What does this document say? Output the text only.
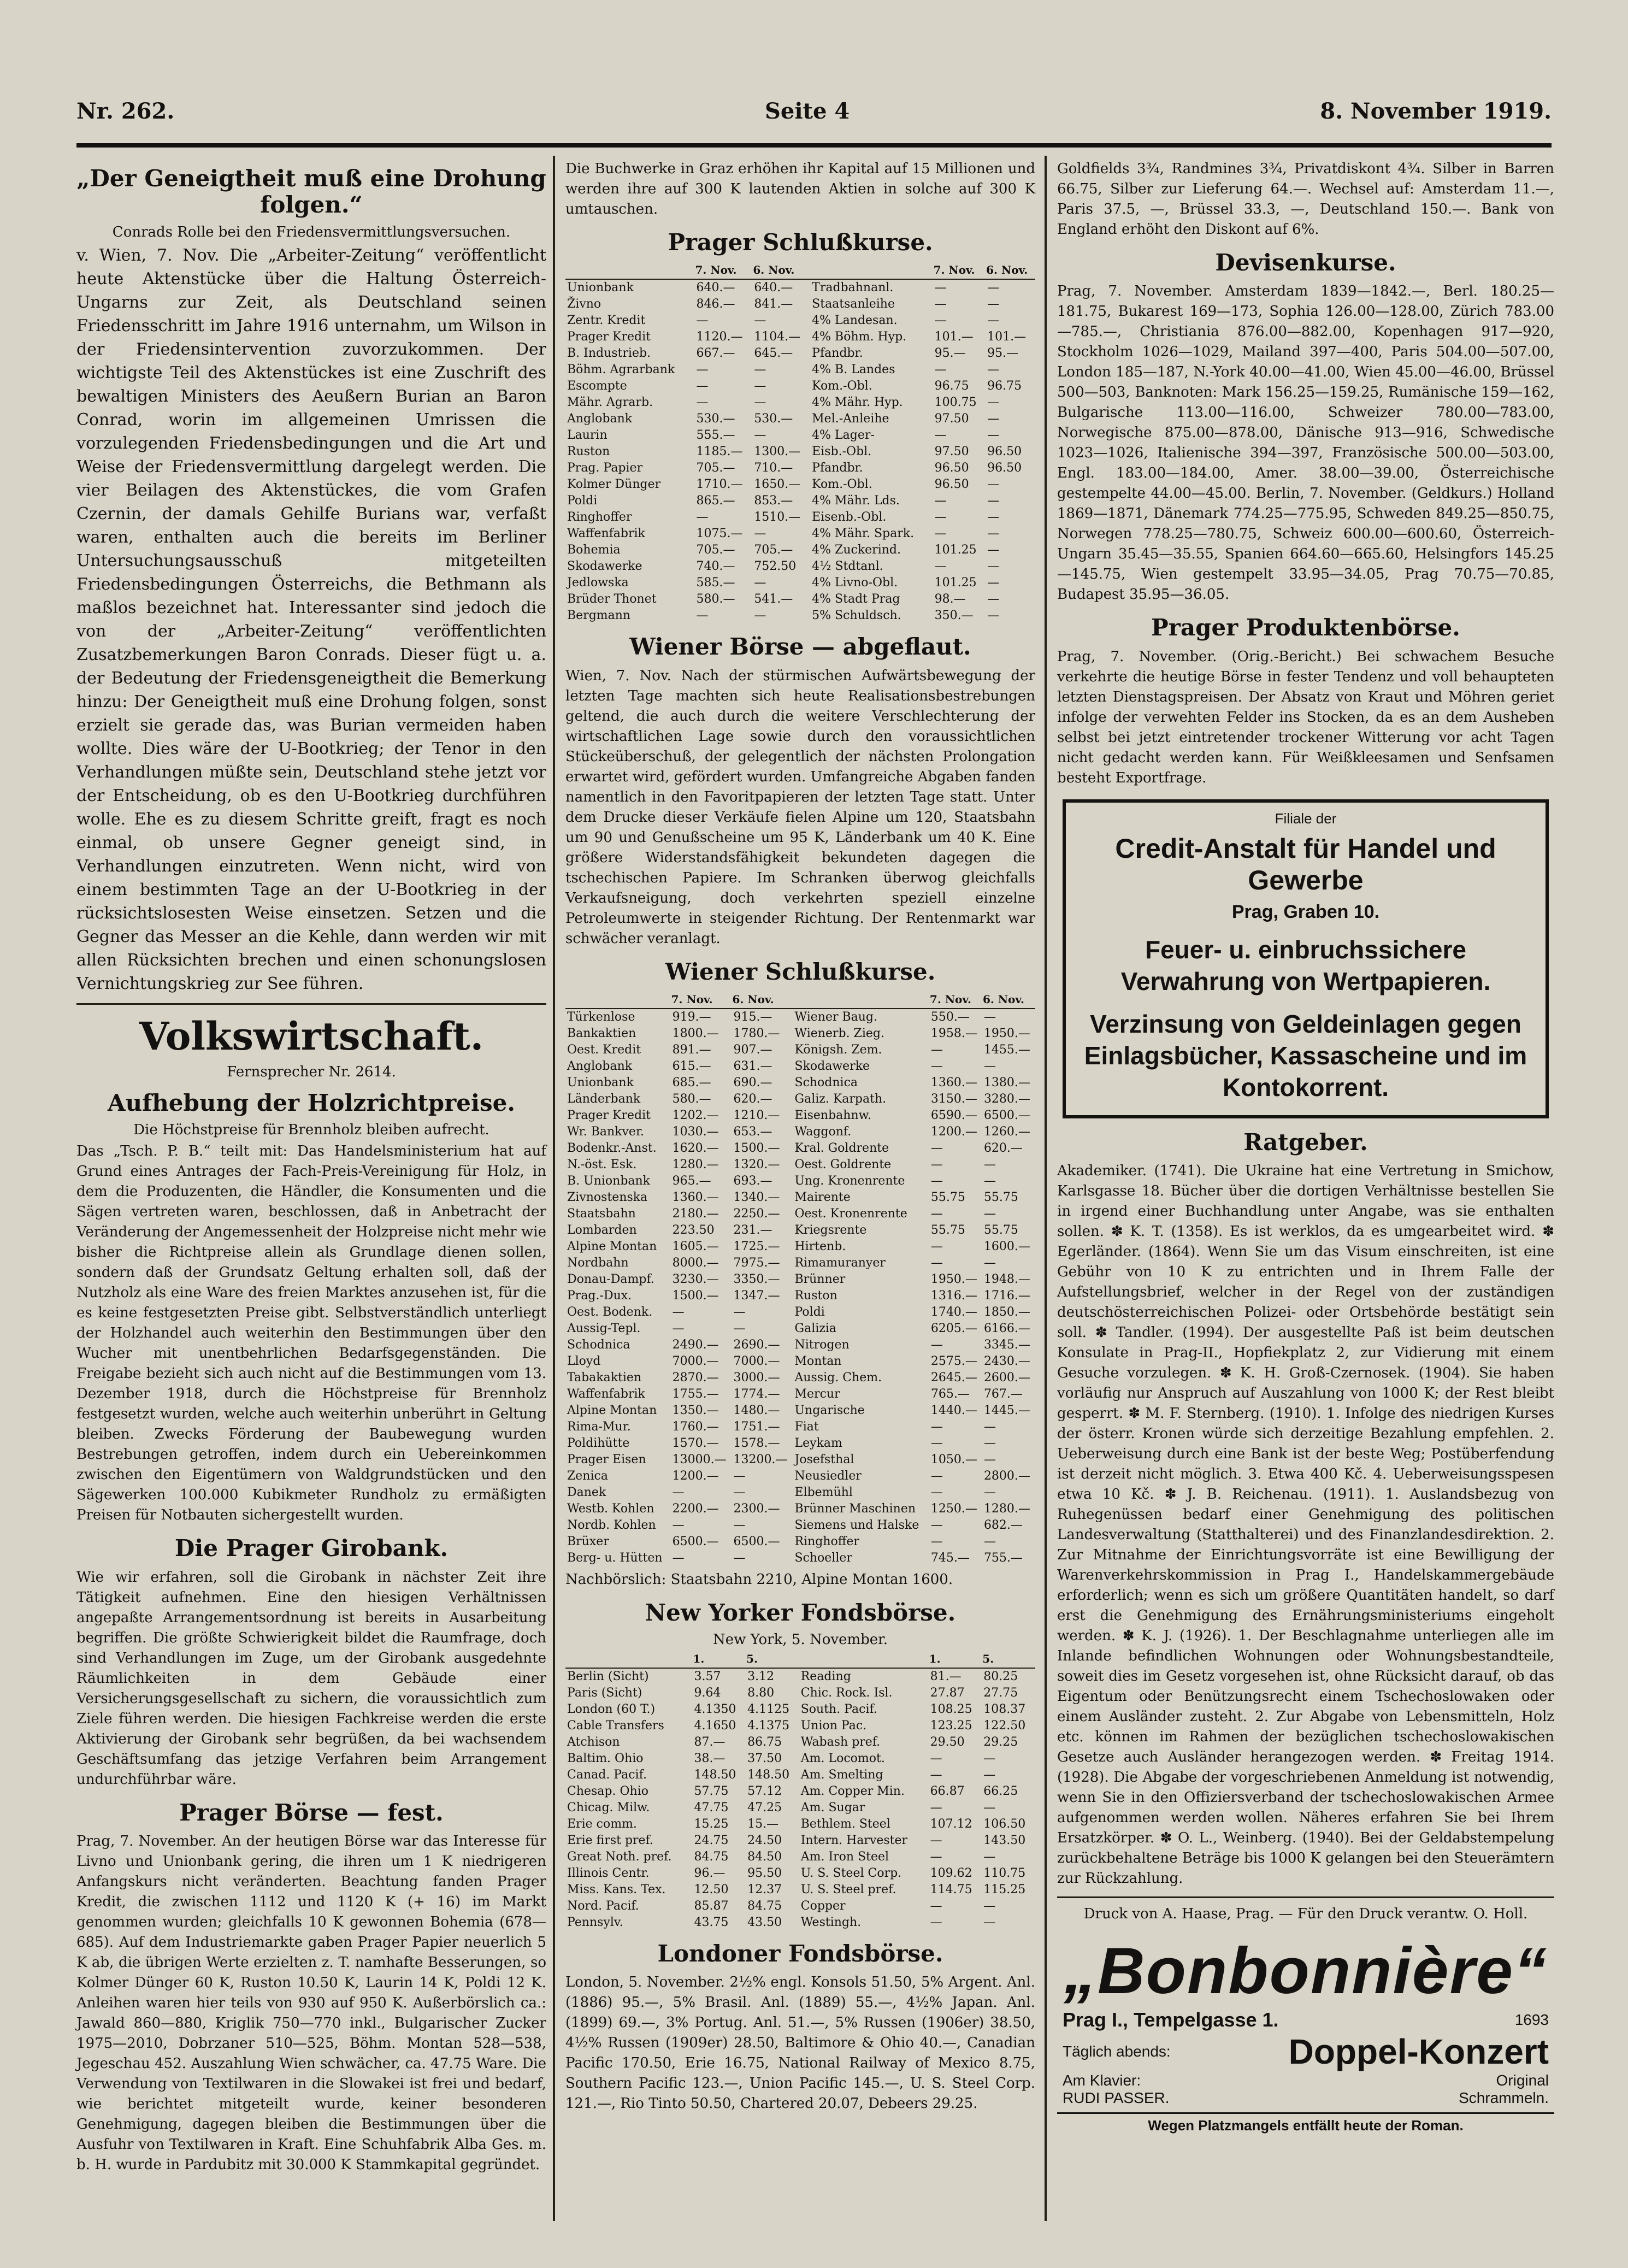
Nr. 262.	Seite 4	8. November 1919.
„Der Geneigtheit muß eine Drohung folgen.“
Conrads Rolle bei den Friedensvermittlungsversuchen.
v. Wien, 7. Nov. Die „Arbeiter-Zeitung“ veröffentlicht heute Aktenstücke über die Haltung Österreich-Ungarns zur Zeit, als Deutschland seinen Friedensschritt im Jahre 1916 unternahm, um Wilson in der Friedensintervention zuvorzukommen. Der wichtigste Teil des Aktenstückes ist eine Zuschrift des bewaltigen Ministers des Aeußern Burian an Baron Conrad, worin im allgemeinen Umrissen die vorzulegenden Friedensbedingungen und die Art und Weise der Friedensvermittlung dargelegt werden. Die vier Beilagen des Aktenstückes, die vom Grafen Czernin, der damals Gehilfe Burians war, verfaßt waren, enthalten auch die bereits im Berliner Untersuchungsausschuß mitgeteilten Friedensbedingungen Österreichs, die Bethmann als maßlos bezeichnet hat. Interessanter sind jedoch die von der „Arbeiter-Zeitung“ veröffentlichten Zusatzbemerkungen Baron Conrads. Dieser fügt u. a. der Bedeutung der Friedensgeneigtheit die Bemerkung hinzu: Der Geneigtheit muß eine Drohung folgen, sonst erzielt sie gerade das, was Burian vermeiden haben wollte. Dies wäre der U-Bootkrieg; der Tenor in den Verhandlungen müßte sein, Deutschland stehe jetzt vor der Entscheidung, ob es den U-Bootkrieg durchführen wolle. Ehe es zu diesem Schritte greift, fragt es noch einmal, ob unsere Gegner geneigt sind, in Verhandlungen einzutreten. Wenn nicht, wird von einem bestimmten Tage an der U-Bootkrieg in der rücksichtslosesten Weise einsetzen. Setzen und die Gegner das Messer an die Kehle, dann werden wir mit allen Rücksichten brechen und einen schonungslosen Vernichtungskrieg zur See führen.
Volkswirtschaft.
Fernsprecher Nr. 2614.
Aufhebung der Holzrichtpreise.
Die Höchstpreise für Brennholz bleiben aufrecht.
Das „Tsch. P. B.“ teilt mit: Das Handelsministerium hat auf Grund eines Antrages der Fach-Preis-Vereinigung für Holz, in dem die Produzenten, die Händler, die Konsumenten und die Sägen vertreten waren, beschlossen, daß in Anbetracht der Veränderung der Angemessenheit der Holzpreise nicht mehr wie bisher die Richtpreise allein als Grundlage dienen sollen, sondern daß der Grundsatz Geltung erhalten soll, daß der Nutzholz als eine Ware des freien Marktes anzusehen ist, für die es keine festgesetzten Preise gibt. Selbstverständlich unterliegt der Holzhandel auch weiterhin den Bestimmungen über den Wucher mit unentbehrlichen Bedarfsgegenständen. Die Freigabe bezieht sich auch nicht auf die Bestimmungen vom 13. Dezember 1918, durch die Höchstpreise für Brennholz festgesetzt wurden, welche auch weiterhin unberührt in Geltung bleiben. Zwecks Förderung der Baubewegung wurden Bestrebungen getroffen, indem durch ein Uebereinkommen zwischen den Eigentümern von Waldgrundstücken und den Sägewerken 100.000 Kubikmeter Rundholz zu ermäßigten Preisen für Notbauten sichergestellt wurden.
Die Prager Girobank.
Wie wir erfahren, soll die Girobank in nächster Zeit ihre Tätigkeit aufnehmen. Eine den hiesigen Verhältnissen angepaßte Arrangementsordnung ist bereits in Ausarbeitung begriffen. Die größte Schwierigkeit bildet die Raumfrage, doch sind Verhandlungen im Zuge, um der Girobank ausgedehnte Räumlichkeiten in dem Gebäude einer Versicherungsgesellschaft zu sichern, die voraussichtlich zum Ziele führen werden. Die hiesigen Fachkreise werden die erste Aktivierung der Girobank sehr begrüßen, da bei wachsendem Geschäftsumfang das jetzige Verfahren beim Arrangement undurchführbar wäre.
Prager Börse — fest.
Prag, 7. November. An der heutigen Börse war das Interesse für Livno und Unionbank gering, die ihren um 1 K niedrigeren Anfangskurs nicht veränderten. Beachtung fanden Prager Kredit, die zwischen 1112 und 1120 K (+ 16) im Markt genommen wurden; gleichfalls 10 K gewonnen Bohemia (678—685). Auf dem Industriemarkte gaben Prager Papier neuerlich 5 K ab, die übrigen Werte erzielten z. T. namhafte Besserungen, so Kolmer Dünger 60 K, Ruston 10.50 K, Laurin 14 K, Poldi 12 K. Anleihen waren hier teils von 930 auf 950 K. Außerbörslich ca.: Jawald 860—880, Kriglik 750—770 inkl., Bulgarischer Zucker 1975—2010, Dobrzaner 510—525, Böhm. Montan 528—538, Jegeschau 452. Auszahlung Wien schwächer, ca. 47.75 Ware. Die Verwendung von Textilwaren in die Slowakei ist frei und bedarf, wie berichtet mitgeteilt wurde, keiner besonderen Genehmigung, dagegen bleiben die Bestimmungen über die Ausfuhr von Textilwaren in Kraft. Eine Schuhfabrik Alba Ges. m. b. H. wurde in Pardubitz mit 30.000 K Stammkapital gegründet.
Die Buchwerke in Graz erhöhen ihr Kapital auf 15 Millionen und werden ihre auf 300 K lautenden Aktien in solche auf 300 K umtauschen.
Prager Schlußkurse.
	7. Nov.	6. Nov.		7. Nov.	6. Nov.
Unionbank	640.—	640.—	Tradbahnanl.	—	—
Živno	846.—	841.—	Staatsanleihe	—	—
Zentr. Kredit	—	—	4% Landesan.	—	—
Prager Kredit	1120.—	1104.—	4% Böhm. Hyp.	101.—	101.—
B. Industrieb.	667.—	645.—	Pfandbr.	95.—	95.—
Böhm. Agrarbank	—	—	4% B. Landes	—	—
Escompte	—	—	Kom.-Obl.	96.75	96.75
Mähr. Agrarb.	—	—	4% Mähr. Hyp.	100.75	—
Anglobank	530.—	530.—	Mel.-Anleihe	97.50	—
Laurin	555.—	—	4% Lager-	—	—
Ruston	1185.—	1300.—	Eisb.-Obl.	97.50	96.50
Prag. Papier	705.—	710.—	Pfandbr.	96.50	96.50
Kolmer Dünger	1710.—	1650.—	Kom.-Obl.	96.50	—
Poldi	865.—	853.—	4% Mähr. Lds.	—	—
Ringhoffer	—	1510.—	Eisenb.-Obl.	—	—
Waffenfabrik	1075.—	—	4% Mähr. Spark.	—	—
Bohemia	705.—	705.—	4% Zuckerind.	101.25	—
Skodawerke	740.—	752.50	4½ Stdtanl.	—	—
Jedlowska	585.—	—	4% Livno-Obl.	101.25	—
Brüder Thonet	580.—	541.—	4% Stadt Prag	98.—	—
Bergmann	—	—	5% Schuldsch.	350.—	—
Wiener Börse — abgeflaut.
Wien, 7. Nov. Nach der stürmischen Aufwärtsbewegung der letzten Tage machten sich heute Realisationsbestrebungen geltend, die auch durch die weitere Verschlechterung der wirtschaftlichen Lage sowie durch den voraussichtlichen Stückeüberschuß, der gelegentlich der nächsten Prolongation erwartet wird, gefördert wurden. Umfangreiche Abgaben fanden namentlich in den Favoritpapieren der letzten Tage statt. Unter dem Drucke dieser Verkäufe fielen Alpine um 120, Staatsbahn um 90 und Genußscheine um 95 K, Länderbank um 40 K. Eine größere Widerstandsfähigkeit bekundeten dagegen die tschechischen Papiere. Im Schranken überwog gleichfalls Verkaufsneigung, doch verkehrten speziell einzelne Petroleumwerte in steigender Richtung. Der Rentenmarkt war schwächer veranlagt.
Wiener Schlußkurse.
	7. Nov.	6. Nov.		7. Nov.	6. Nov.
Türkenlose	919.—	915.—	Wiener Baug.	550.—	—
Bankaktien	1800.—	1780.—	Wienerb. Zieg.	1958.—	1950.—
Oest. Kredit	891.—	907.—	Königsh. Zem.	—	1455.—
Anglobank	615.—	631.—	Skodawerke	—	—
Unionbank	685.—	690.—	Schodnica	1360.—	1380.—
Länderbank	580.—	620.—	Galiz. Karpath.	3150.—	3280.—
Prager Kredit	1202.—	1210.—	Eisenbahnw.	6590.—	6500.—
Wr. Bankver.	1030.—	653.—	Waggonf.	1200.—	1260.—
Bodenkr.-Anst.	1620.—	1500.—	Kral. Goldrente	—	620.—
N.-öst. Esk.	1280.—	1320.—	Oest. Goldrente	—	—
B. Unionbank	965.—	693.—	Ung. Kronenrente	—	—
Zivnostenska	1360.—	1340.—	Mairente	55.75	55.75
Staatsbahn	2180.—	2250.—	Oest. Kronenrente	—	—
Lombarden	223.50	231.—	Kriegsrente	55.75	55.75
Alpine Montan	1605.—	1725.—	Hirtenb.	—	1600.—
Nordbahn	8000.—	7975.—	Rimamuranyer	—	—
Donau-Dampf.	3230.—	3350.—	Brünner	1950.—	1948.—
Prag.-Dux.	1500.—	1347.—	Ruston	1316.—	1716.—
Oest. Bodenk.	—	—	Poldi	1740.—	1850.—
Aussig-Tepl.	—	—	Galizia	6205.—	6166.—
Schodnica	2490.—	2690.—	Nitrogen	—	3345.—
Lloyd	7000.—	7000.—	Montan	2575.—	2430.—
Tabakaktien	2870.—	3000.—	Aussig. Chem.	2645.—	2600.—
Waffenfabrik	1755.—	1774.—	Mercur	765.—	767.—
Alpine Montan	1350.—	1480.—	Ungarische	1440.—	1445.—
Rima-Mur.	1760.—	1751.—	Fiat	—	—
Poldihütte	1570.—	1578.—	Leykam	—	—
Prager Eisen	13000.—	13200.—	Josefsthal	1050.—	—
Zenica	1200.—	—	Neusiedler	—	2800.—
Danek	—	—	Elbemühl	—	—
Westb. Kohlen	2200.—	2300.—	Brünner Maschinen	1250.—	1280.—
Nordb. Kohlen	—	—	Siemens und Halske	—	682.—
Brüxer	6500.—	6500.—	Ringhoffer	—	—
Berg- u. Hütten	—	—	Schoeller	745.—	755.—
Nachbörslich: Staatsbahn 2210, Alpine Montan 1600.
New Yorker Fondsbörse.
New York, 5. November.
	1.	5.		1.	5.
Berlin (Sicht)	3.57	3.12	Reading	81.—	80.25
Paris (Sicht)	9.64	8.80	Chic. Rock. Isl.	27.87	27.75
London (60 T.)	4.1350	4.1125	South. Pacif.	108.25	108.37
Cable Transfers	4.1650	4.1375	Union Pac.	123.25	122.50
Atchison	87.—	86.75	Wabash pref.	29.50	29.25
Baltim. Ohio	38.—	37.50	Am. Locomot.	—	—
Canad. Pacif.	148.50	148.50	Am. Smelting	—	—
Chesap. Ohio	57.75	57.12	Am. Copper Min.	66.87	66.25
Chicag. Milw.	47.75	47.25	Am. Sugar	—	—
Erie comm.	15.25	15.—	Bethlem. Steel	107.12	106.50
Erie first pref.	24.75	24.50	Intern. Harvester	—	143.50
Great Noth. pref.	84.75	84.50	Am. Iron Steel	—	—
Illinois Centr.	96.—	95.50	U. S. Steel Corp.	109.62	110.75
Miss. Kans. Tex.	12.50	12.37	U. S. Steel pref.	114.75	115.25
Nord. Pacif.	85.87	84.75	Copper	—	—
Pennsylv.	43.75	43.50	Westingh.	—	—
Londoner Fondsbörse.
London, 5. November. 2½% engl. Konsols 51.50, 5% Argent. Anl. (1886) 95.—, 5% Brasil. Anl. (1889) 55.—, 4½% Japan. Anl. (1899) 69.—, 3% Portug. Anl. 51.—, 5% Russen (1906er) 38.50, 4½% Russen (1909er) 28.50, Baltimore & Ohio 40.—, Canadian Pacific 170.50, Erie 16.75, National Railway of Mexico 8.75, Southern Pacific 123.—, Union Pacific 145.—, U. S. Steel Corp. 121.—, Rio Tinto 50.50, Chartered 20.07, Debeers 29.25.
Goldfields 3¾, Randmines 3¾, Privatdiskont 4¾. Silber in Barren 66.75, Silber zur Lieferung 64.—. Wechsel auf: Amsterdam 11.—, Paris 37.5, —, Brüssel 33.3, —, Deutschland 150.—. Bank von England erhöht den Diskont auf 6%.
Devisenkurse.
Prag, 7. November. Amsterdam 1839—1842.—, Berl. 180.25—181.75, Bukarest 169—173, Sophia 126.00—128.00, Zürich 783.00—785.—, Christiania 876.00—882.00, Kopenhagen 917—920, Stockholm 1026—1029, Mailand 397—400, Paris 504.00—507.00, London 185—187, N.-York 40.00—41.00, Wien 45.00—46.00, Brüssel 500—503, Banknoten: Mark 156.25—159.25, Rumänische 159—162, Bulgarische 113.00—116.00, Schweizer 780.00—783.00, Norwegische 875.00—878.00, Dänische 913—916, Schwedische 1023—1026, Italienische 394—397, Französische 500.00—503.00, Engl. 183.00—184.00, Amer. 38.00—39.00, Österreichische gestempelte 44.00—45.00. Berlin, 7. November. (Geldkurs.) Holland 1869—1871, Dänemark 774.25—775.95, Schweden 849.25—850.75, Norwegen 778.25—780.75, Schweiz 600.00—600.60, Österreich-Ungarn 35.45—35.55, Spanien 664.60—665.60, Helsingfors 145.25—145.75, Wien gestempelt 33.95—34.05, Prag 70.75—70.85, Budapest 35.95—36.05.
Prager Produktenbörse.
Prag, 7. November. (Orig.-Bericht.) Bei schwachem Besuche verkehrte die heutige Börse in fester Tendenz und voll behaupteten letzten Dienstagspreisen. Der Absatz von Kraut und Möhren geriet infolge der verwehten Felder ins Stocken, da es an dem Ausheben selbst bei jetzt eintretender trockener Witterung vor acht Tagen nicht gedacht werden kann. Für Weißkleesamen und Senfsamen besteht Exportfrage.
Filiale der
Credit-Anstalt für Handel und Gewerbe
Prag, Graben 10.
Feuer- u. einbruchssichere Verwahrung von Wertpapieren.
Verzinsung von Geldeinlagen gegen Einlagsbücher, Kassascheine und im Kontokorrent.
Ratgeber.
Akademiker. (1741). Die Ukraine hat eine Vertretung in Smichow, Karlsgasse 18. Bücher über die dortigen Verhältnisse bestellen Sie in irgend einer Buchhandlung unter Angabe, was sie enthalten sollen. ✽ K. T. (1358). Es ist werklos, da es umgearbeitet wird. ✽ Egerländer. (1864). Wenn Sie um das Visum einschreiten, ist eine Gebühr von 10 K zu entrichten und in Ihrem Falle der Aufstellungsbrief, welcher in der Regel von der zuständigen deutschösterreichischen Polizei- oder Ortsbehörde bestätigt sein soll. ✽ Tandler. (1994). Der ausgestellte Paß ist beim deutschen Konsulate in Prag-II., Hopfiekplatz 2, zur Vidierung mit einem Gesuche vorzulegen. ✽ K. H. Groß-Czernosek. (1904). Sie haben vorläufig nur Anspruch auf Auszahlung von 1000 K; der Rest bleibt gesperrt. ✽ M. F. Sternberg. (1910). 1. Infolge des niedrigen Kurses der österr. Kronen würde sich derzeitige Bezahlung empfehlen. 2. Ueberweisung durch eine Bank ist der beste Weg; Postüberfendung ist derzeit nicht möglich. 3. Etwa 400 Kč. 4. Ueberweisungsspesen etwa 10 Kč. ✽ J. B. Reichenau. (1911). 1. Auslandsbezug von Ruhegenüssen bedarf einer Genehmigung des politischen Landesverwaltung (Statthalterei) und des Finanzlandesdirektion. 2. Zur Mitnahme der Einrichtungsvorräte ist eine Bewilligung der Warenverkehrskommission in Prag I., Handelskammergebäude erforderlich; wenn es sich um größere Quantitäten handelt, so darf erst die Genehmigung des Ernährungsministeriums eingeholt werden. ✽ K. J. (1926). 1. Der Beschlagnahme unterliegen alle im Inlande befindlichen Wohnungen oder Wohnungsbestandteile, soweit dies im Gesetz vorgesehen ist, ohne Rücksicht darauf, ob das Eigentum oder Benützungsrecht einem Tschechoslowaken oder einem Ausländer zusteht. 2. Zur Abgabe von Lebensmitteln, Holz etc. können im Rahmen der bezüglichen tschechoslowakischen Gesetze auch Ausländer herangezogen werden. ✽ Freitag 1914. (1928). Die Abgabe der vorgeschriebenen Anmeldung ist notwendig, wenn Sie in den Offiziersverband der tschechoslowakischen Armee aufgenommen werden wollen. Näheres erfahren Sie bei Ihrem Ersatzkörper. ✽ O. L., Weinberg. (1940). Bei der Geldabstempelung zurückbehaltene Beträge bis 1000 K gelangen bei den Steuerämtern zur Rückzahlung.
Druck von A. Haase, Prag. — Für den Druck verantw. O. Holl.
„Bonbonnière“
Prag I., Tempelgasse 1.	1693
Täglich abends:	Doppel-Konzert
Am Klavier:	Original
RUDI PASSER.	Schrammeln.
Wegen Platzmangels entfällt heute der Roman.
